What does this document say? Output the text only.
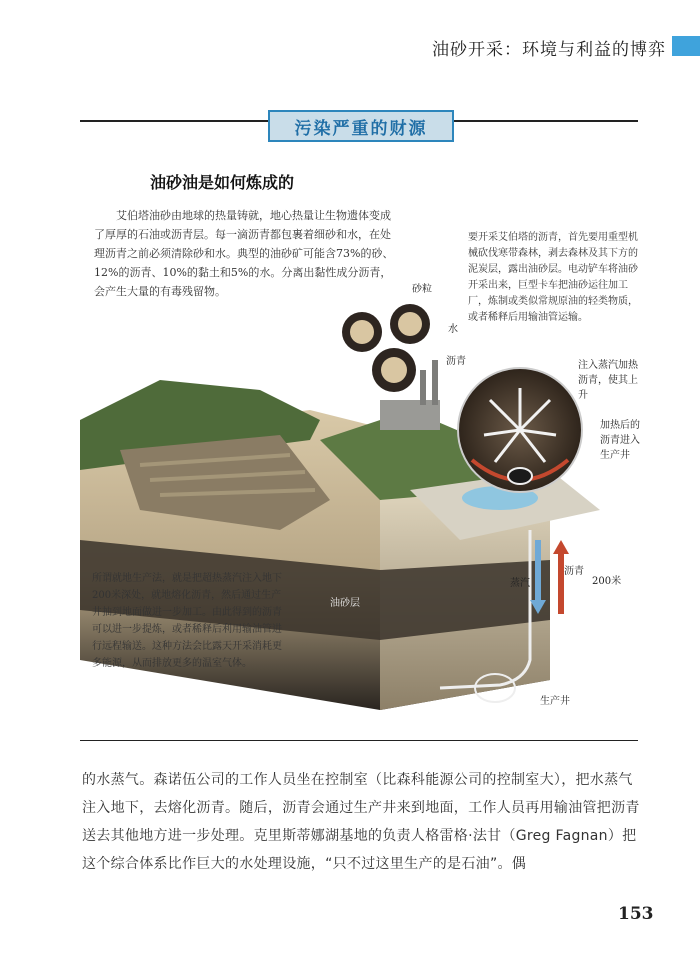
油砂开采：环境与利益的博弈
污染严重的财源
油砂油是如何炼成的
艾伯塔油砂由地球的热量铸就，地心热量让生物遗体变成了厚厚的石油或沥青层。每一滴沥青都包裹着细砂和水，在处理沥青之前必须清除砂和水。典型的油砂矿可能含73%的砂、12%的沥青、10%的黏土和5%的水。分离出黏性成分沥青，会产生大量的有毒残留物。
要开采艾伯塔的沥青，首先要用重型机械砍伐寒带森林，剥去森林及其下方的泥炭层，露出油砂层。电动铲车将油砂开采出来，巨型卡车把油砂运往加工厂，炼制或类似常规原油的轻类物质，或者稀释后用输油管运输。
所谓就地生产法，就是把超热蒸汽注入地下200米深处，就地熔化沥青，然后通过生产井抽到地面做进一步加工。由此得到的沥青可以进一步提炼，或者稀释后利用输油管进行远程输送。这种方法会比露天开采消耗更多能源，从而排放更多的温室气体。
砂粒
水
沥青	注入蒸汽加热沥青，使其上升
加热后的沥青进入生产井
蒸汽
沥青
200米
油砂层
生产井
的水蒸气。森诺伍公司的工作人员坐在控制室（比森科能源公司的控制室大），把水蒸气注入地下，去熔化沥青。随后，沥青会通过生产井来到地面，工作人员再用输油管把沥青送去其他地方进一步处理。克里斯蒂娜湖基地的负责人格雷格·法甘（Greg Fagnan）把这个综合体系比作巨大的水处理设施，“只不过这里生产的是石油”。偶
153
